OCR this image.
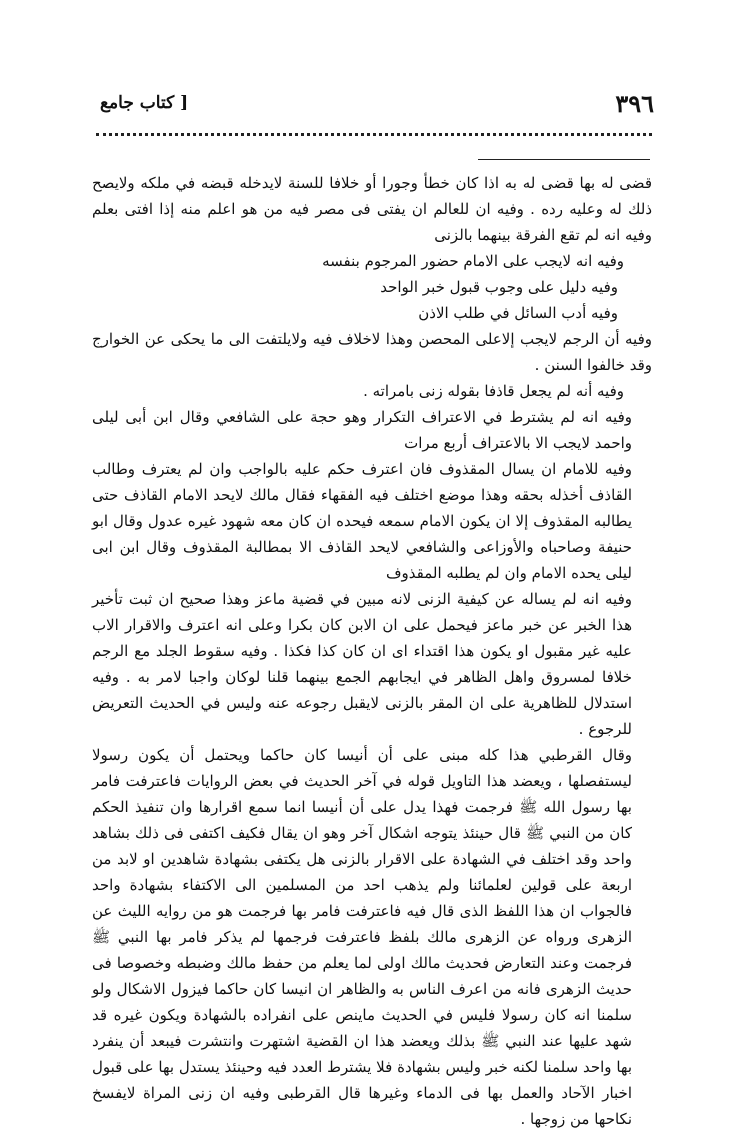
٣٩٦
[ كتاب جامع

قضى له بها قضى له به اذا كان خطأ وجورا أو خلافا للسنة لايدخله قبضه في ملكه ولايصح ذلك له وعليه رده . وفيه ان للعالم ان يفتى فى مصر فيه من هو اعلم منه إذا افتى بعلم وفيه انه لم تقع الفرقة بينهما بالزنى

وفيه انه لايجب على الامام حضور المرجوم بنفسه

وفيه دليل على وجوب قبول خبر الواحد

وفيه أدب السائل في طلب الاذن

وفيه أن الرجم لايجب إلاعلى المحصن وهذا لاخلاف فيه ولايلتفت الى ما يحكى عن الخوارج وقد خالفوا السنن .

وفيه أنه لم يجعل قاذفا بقوله زنى بامراته .

وفيه انه لم يشترط في الاعتراف التكرار وهو حجة على الشافعي وقال ابن أبى ليلى واحمد لايجب الا بالاعتراف أربع مرات

وفيه للامام ان يسال المقذوف فان اعترف حكم عليه بالواجب وان لم يعترف وطالب القاذف أخذله بحقه وهذا موضع اختلف فيه الفقهاء فقال مالك لايحد الامام القاذف حتى يطالبه المقذوف إلا ان يكون الامام سمعه فيحده ان كان معه شهود غيره عدول وقال ابو حنيفة وصاحباه والأوزاعى والشافعي لايحد القاذف الا بمطالبة المقذوف وقال ابن ابى ليلى يحده الامام وان لم يطلبه المقذوف

وفيه انه لم يساله عن كيفية الزنى لانه مبين في قضية ماعز وهذا صحيح ان ثبت تأخير هذا الخبر عن خبر ماعز فيحمل على ان الابن كان بكرا وعلى انه اعترف والاقرار الاب عليه غير مقبول او يكون هذا اقتداء اى ان كان كذا فكذا . وفيه سقوط الجلد مع الرجم خلافا لمسروق واهل الظاهر في ايجابهم الجمع بينهما قلنا لوكان واجبا لامر به . وفيه استدلال للظاهرية على ان المقر بالزنى لايقبل رجوعه عنه وليس في الحديث التعريض للرجوع .

وقال القرطبي هذا كله مبنى على أن أنيسا كان حاكما ويحتمل أن يكون رسولا ليستفصلها ، ويعضد هذا التاويل قوله في آخر الحديث في بعض الروايات فاعترفت فامر بها رسول الله ﷺ فرجمت فهذا يدل على أن أنيسا انما سمع اقرارها وان تنفيذ الحكم كان من النبي ﷺ قال حينئذ يتوجه اشكال آخر وهو ان يقال فكيف اكتفى فى ذلك بشاهد واحد وقد اختلف في الشهادة على الاقرار بالزنى هل يكتفى بشهادة شاهدين او لابد من اربعة على قولين لعلمائنا ولم يذهب احد من المسلمين الى الاكتفاء بشهادة واحد فالجواب ان هذا اللفظ الذى قال فيه فاعترفت فامر بها فرجمت هو من روايه الليث عن الزهرى ورواه عن الزهرى مالك بلفظ فاعترفت فرجمها لم يذكر فامر بها النبي ﷺ فرجمت وعند التعارض فحديث مالك اولى لما يعلم من حفظ مالك وضبطه وخصوصا فى حديث الزهرى فانه من اعرف الناس به والظاهر ان انيسا كان حاكما فيزول الاشكال ولو سلمنا انه كان رسولا فليس في الحديث ماينص على انفراده بالشهادة ويكون غيره قد شهد عليها عند النبي ﷺ بذلك ويعضد هذا ان القضية اشتهرت وانتشرت فيبعد أن ينفرد بها واحد سلمنا لكنه خبر وليس بشهادة فلا يشترط العدد فيه وحينئذ يستدل بها على قبول اخبار الآحاد والعمل بها فى الدماء وغيرها قال القرطبى وفيه ان زنى المراة لايفسخ نكاحها من زوجها .
